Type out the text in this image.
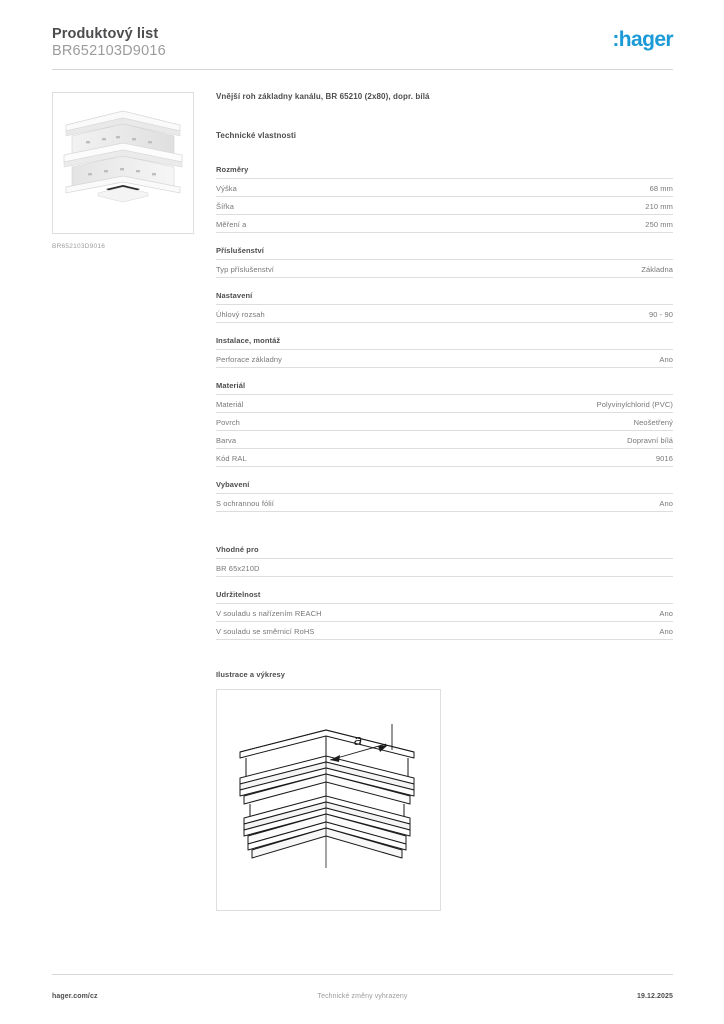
Produktový list
BR652103D9016
:hager
BR652103D9016
Vnější roh základny kanálu, BR 65210 (2x80), dopr. bílá
Technické vlastnosti
Rozměry
Výška	68 mm
Šířka	210 mm
Měření a	250 mm
Příslušenství
Typ příslušenství	Základna
Nastavení
Úhlový rozsah	90 - 90
Instalace, montáž
Perforace základny	Ano
Materiál
Materiál	Polyvinylchlorid (PVC)
Povrch	Neošetřený
Barva	Dopravní bílá
Kód RAL	9016
Vybavení
S ochrannou fólií	Ano
Vhodné pro
BR 65x210D
Udržitelnost
V souladu s nařízením REACH	Ano
V souladu se směrnicí RoHS	Ano
Ilustrace a výkresy
a
hager.com/cz	Technické změny vyhrazeny	19.12.2025
